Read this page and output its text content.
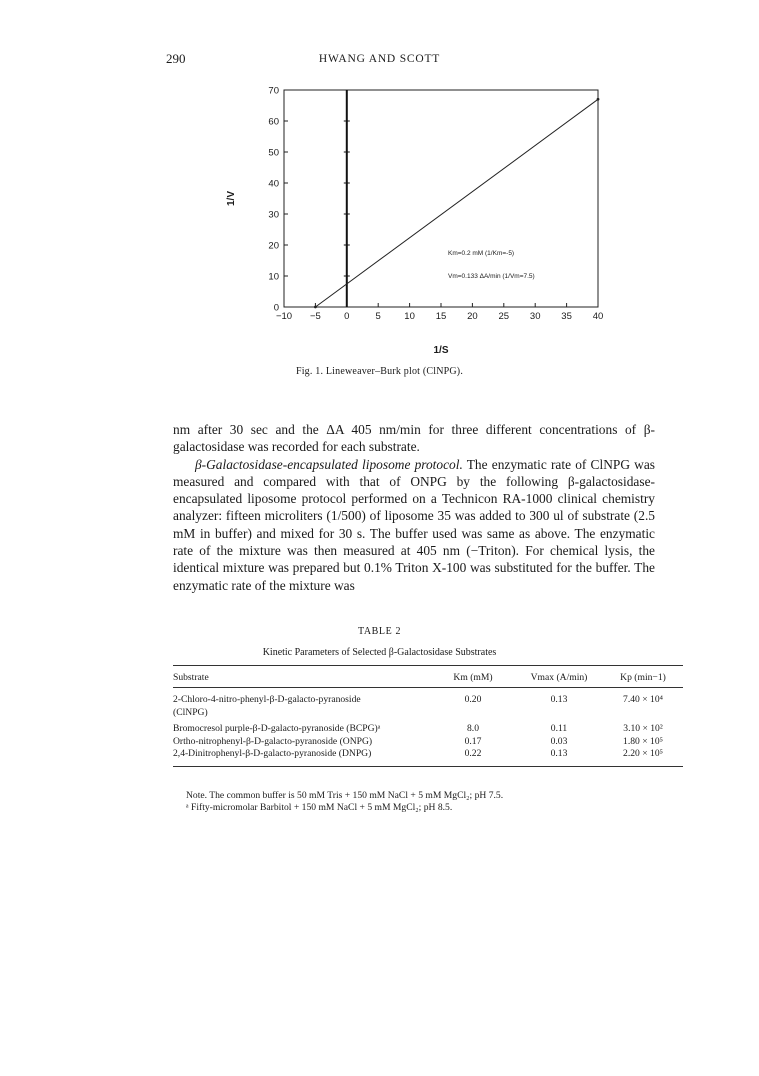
290	HWANG AND SCOTT
−10 −5 0	5 10 15 20 25 30 35 40
0
10
20
30
40
50
60
70
1/S
1/V
Km=0.2 mM (1/Km=-5)
Vm=0.133 ΔA/min (1/Vm=7.5)
Fig. 1. Lineweaver–Burk plot (ClNPG).

nm after 30 sec and the ΔA 405 nm/min for three different concentrations of β-galactosidase was recorded for each substrate.

β-Galactosidase-encapsulated liposome protocol. The enzymatic rate of ClNPG was measured and compared with that of ONPG by the following β-galactosidase-encapsulated liposome protocol performed on a Technicon RA-1000 clinical chemistry analyzer: fifteen microliters (1/500) of liposome 35 was added to 300 ul of substrate (2.5 mM in buffer) and mixed for 30 s. The buffer used was same as above. The enzymatic rate of the mixture was then measured at 405 nm (−Triton). For chemical lysis, the identical mixture was prepared but 0.1% Triton X-100 was substituted for the buffer. The enzymatic rate of the mixture was

TABLE 2
Kinetic Parameters of Selected β-Galactosidase Substrates
Substrate	Km (mM)	Vmax (A/min)	Kp (min−1)
2-Chloro-4-nitro-phenyl-β-D-galacto-pyranoside
(ClNPG)	0.20	0.13	7.40 × 10⁴
Bromocresol purple-β-D-galacto-pyranoside (BCPG)ᵃ	8.0	0.11	3.10 × 10²
Ortho-nitrophenyl-β-D-galacto-pyranoside (ONPG)	0.17	0.03	1.80 × 10⁵
2,4-Dinitrophenyl-β-D-galacto-pyranoside (DNPG)	0.22	0.13	2.20 × 10⁵
Note. The common buffer is 50 mM Tris + 150 mM NaCl + 5 mM MgCl₂; pH 7.5.
ᵃ Fifty-micromolar Barbitol + 150 mM NaCl + 5 mM MgCl₂; pH 8.5.
